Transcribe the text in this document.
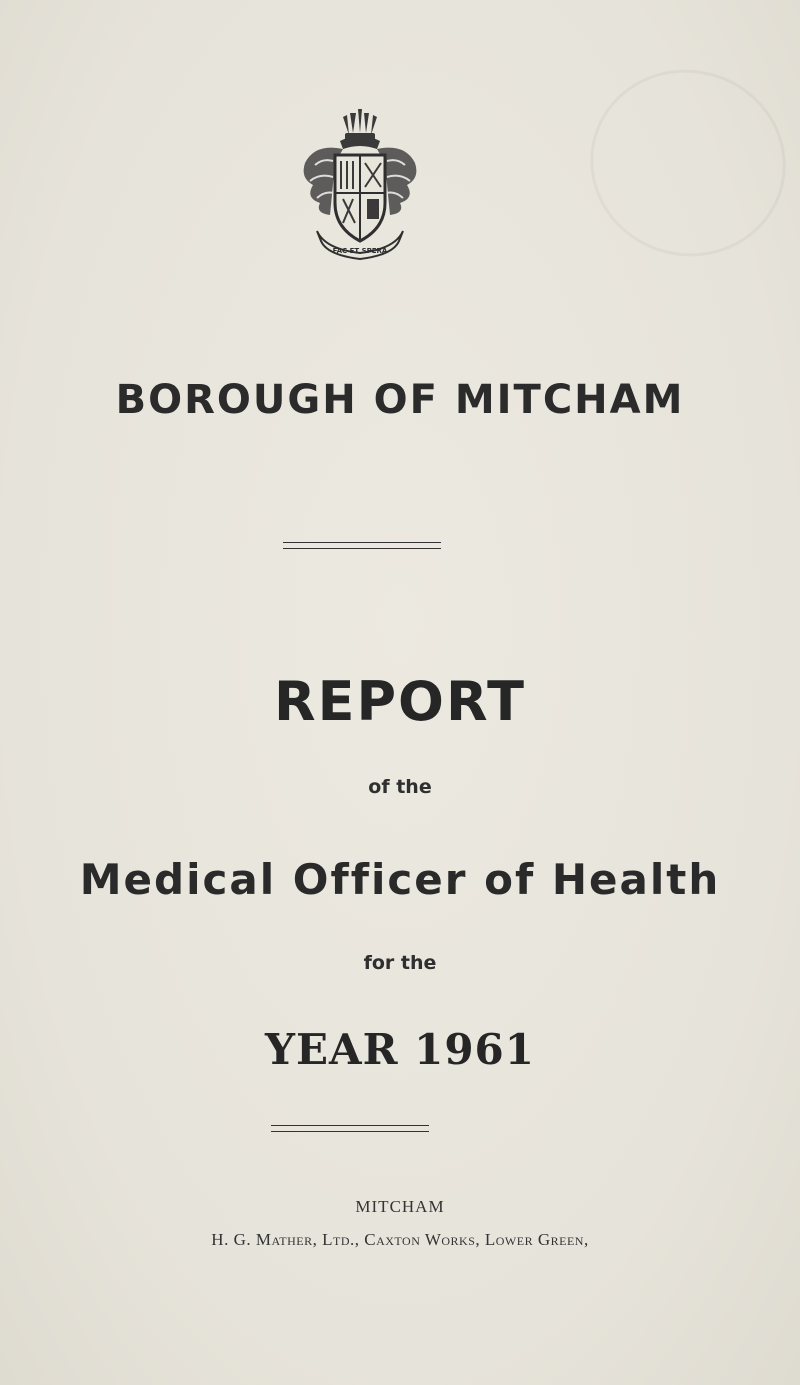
FAC ET SPERA
BOROUGH OF MITCHAM
REPORT
of the
Medical Officer of Health
for the
YEAR 1961
MITCHAM
H. G. Mather, Ltd., Caxton Works, Lower Green,
